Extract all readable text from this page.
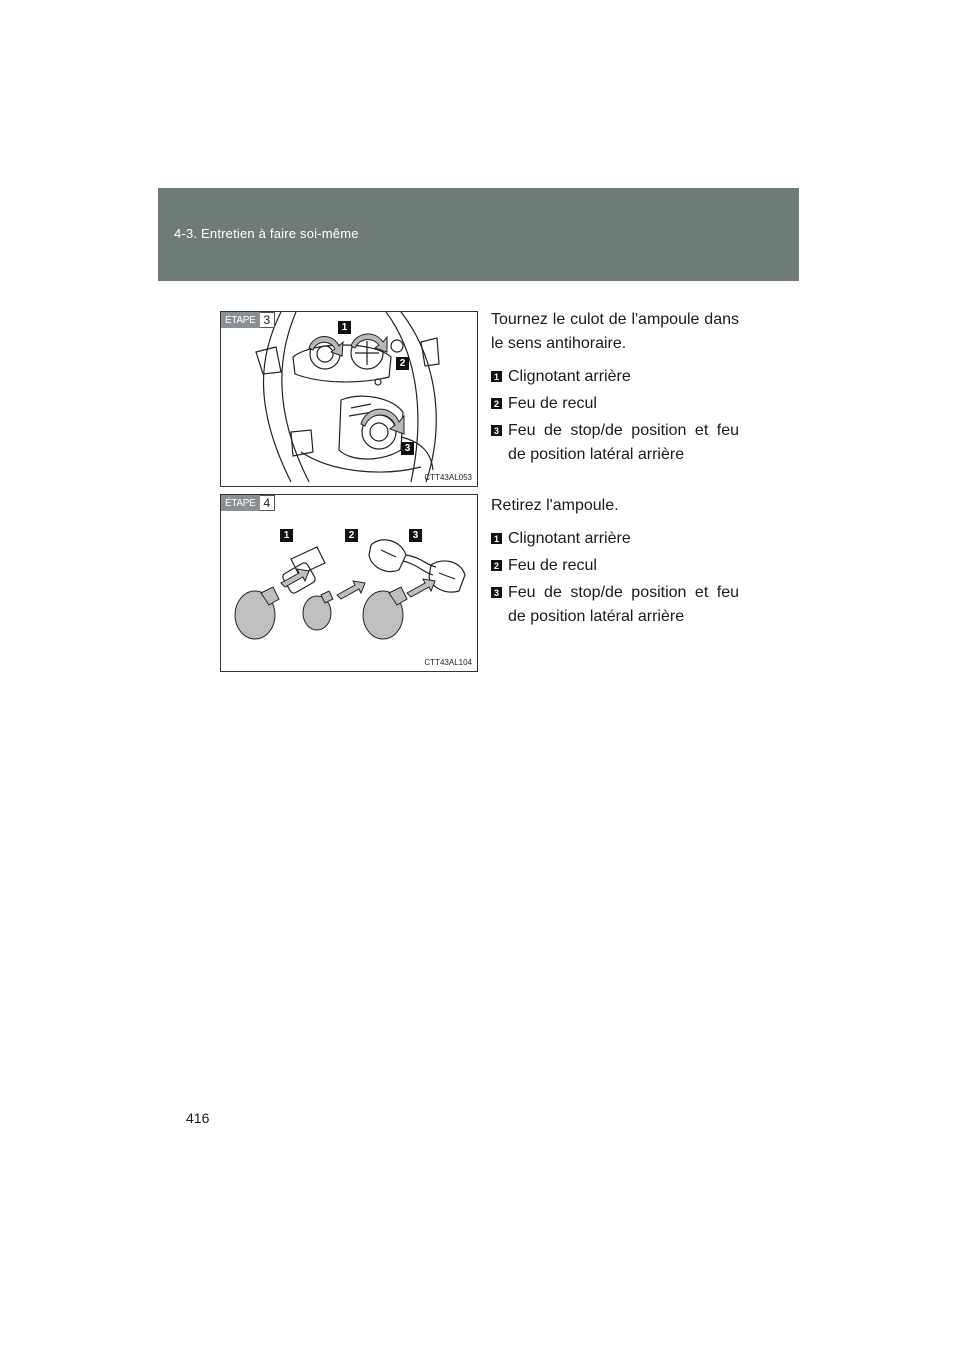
4-3. Entretien à faire soi-même
1
2
3
ÉTAPE 3
CTT43AL053

Tournez le culot de l'ampoule dans le sens antihoraire.

1 Clignotant arrière
2 Feu de recul
3 Feu de stop/de position et feu de position latéral arrière
1	2	3
ÉTAPE 4
CTT43AL104

Retirez l'ampoule.

1 Clignotant arrière
2 Feu de recul
3 Feu de stop/de position et feu de position latéral arrière
416
